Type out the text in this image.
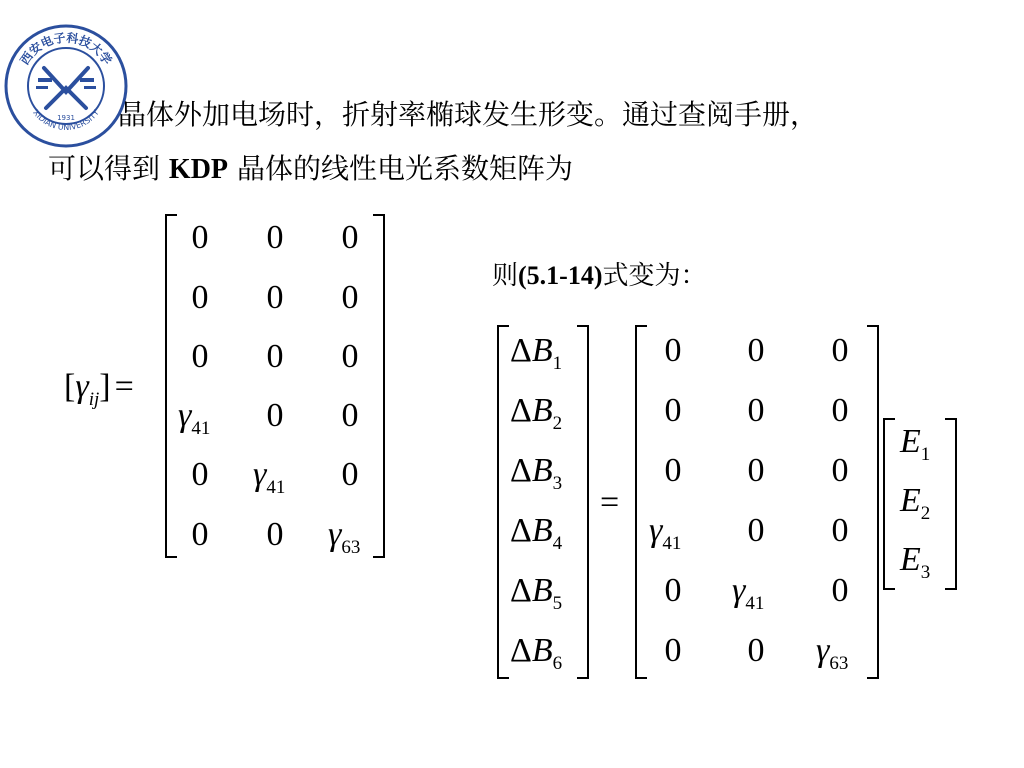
西安电子科技大学
XIDIAN UNIVERSITY
1931 晶体外加电场时，折射率椭球发生形变。通过查阅手册，
可以得到 KDP 晶体的线性电光系数矩阵为
则(5.1-14)式变为：
$[\gamma_{ij}]$ =
0	0	0
0	0	0
0	0	0
$\gamma_{41}$	0	0
0	$\gamma_{41}$	0
0	0	$\gamma_{63}$
$\Delta B_1$
$\Delta B_2$
$\Delta B_3$
$\Delta B_4$
$\Delta B_5$
$\Delta B_6$
=
0	0	0
0	0	0
0	0	0
$\gamma_{41}$	0	0
0	$\gamma_{41}$	0
0	0	$\gamma_{63}$
$E_1$
$E_2$
$E_3$
